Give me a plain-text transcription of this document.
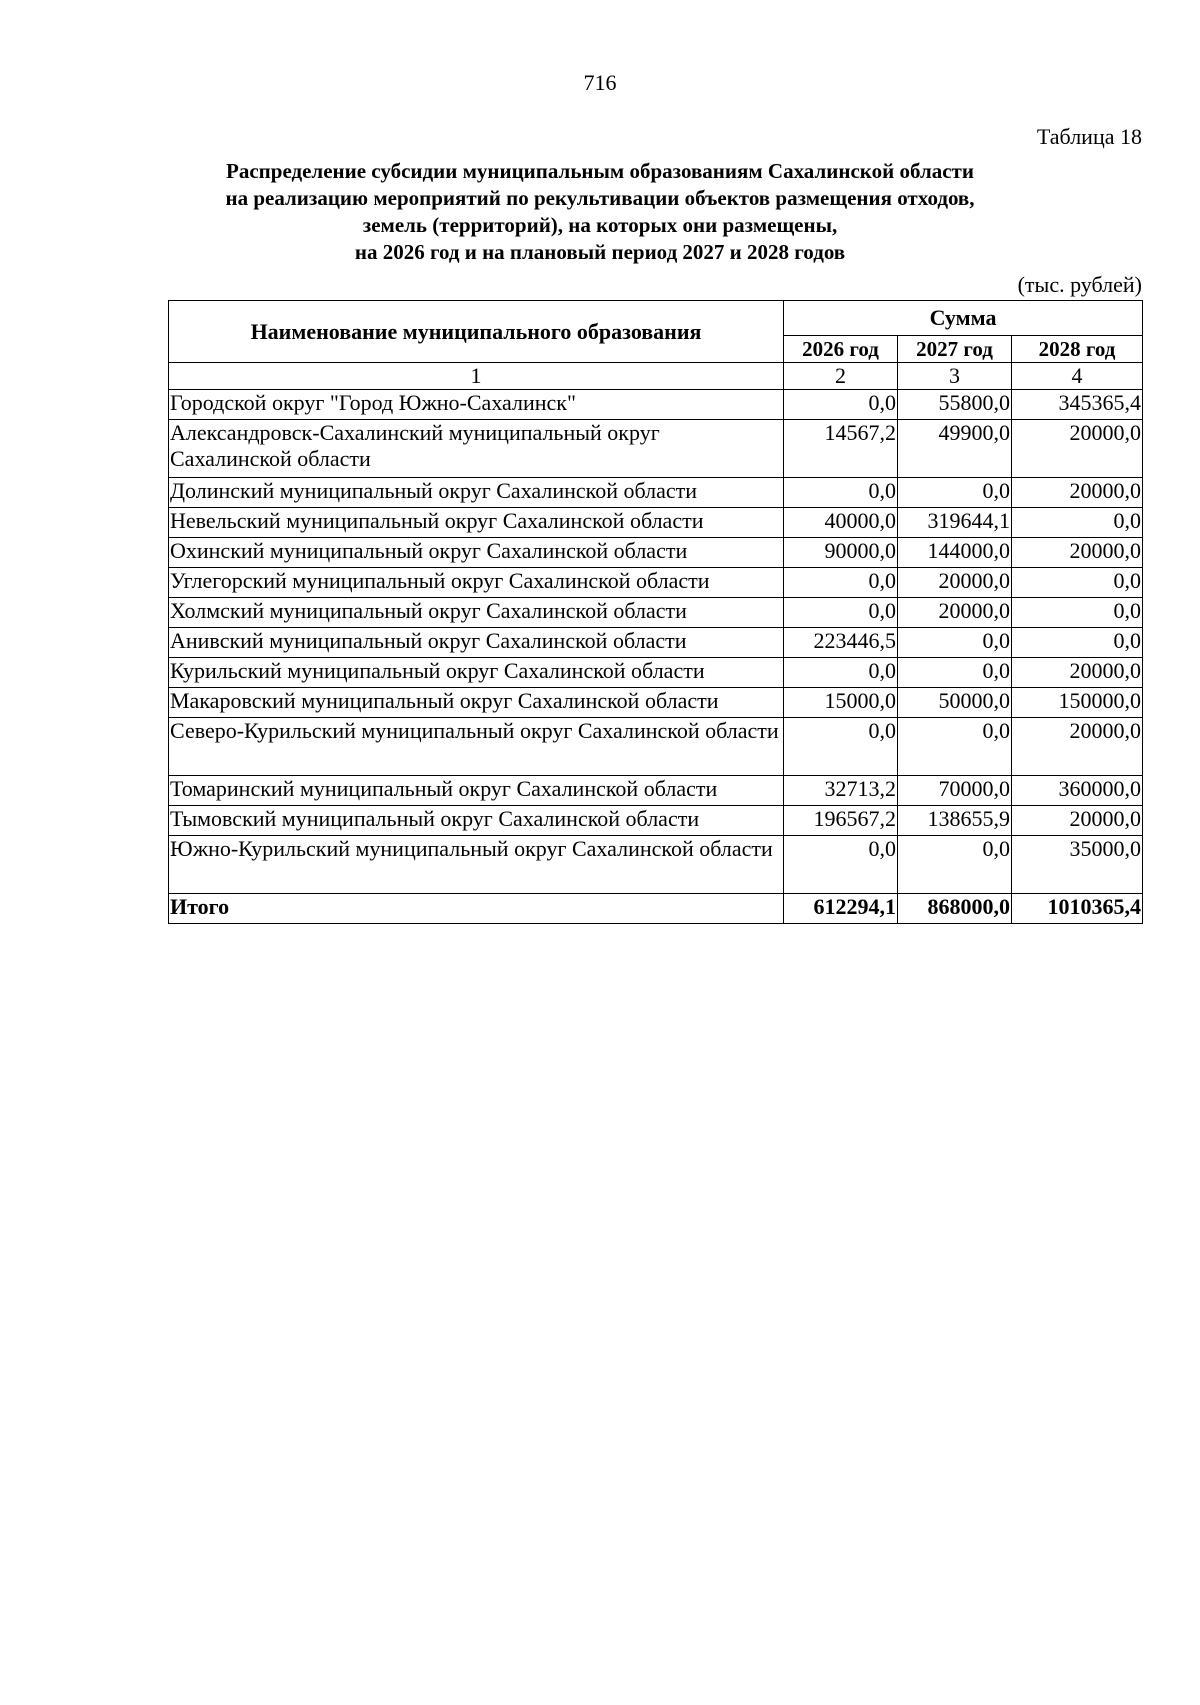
716
Таблица 18
Распределение субсидии муниципальным образованиям Сахалинской области
на реализацию мероприятий по рекультивации объектов размещения отходов,
земель (территорий), на которых они размещены,
на 2026 год и на плановый период 2027 и 2028 годов
(тыс. рублей)
Наименование муниципального образования	Сумма		
	2026 год	2027 год	2028 год
1	2	3	4
Городской округ "Город Южно-Сахалинск"	0,0	55800,0	345365,4
Александровск-Сахалинский муниципальный округ Сахалинской области	14567,2	49900,0	20000,0
Долинский муниципальный округ Сахалинской области	0,0	0,0	20000,0
Невельский муниципальный округ Сахалинской области	40000,0	319644,1	0,0
Охинский муниципальный округ Сахалинской области	90000,0	144000,0	20000,0
Углегорский муниципальный округ Сахалинской области	0,0	20000,0	0,0
Холмский муниципальный округ Сахалинской области	0,0	20000,0	0,0
Анивский муниципальный округ Сахалинской области	223446,5	0,0	0,0
Курильский муниципальный округ Сахалинской области	0,0	0,0	20000,0
Макаровский муниципальный округ Сахалинской области	15000,0	50000,0	150000,0
Северо-Курильский муниципальный округ Сахалинской области	0,0	0,0	20000,0
Томаринский муниципальный округ Сахалинской области	32713,2	70000,0	360000,0
Тымовский муниципальный округ Сахалинской области	196567,2	138655,9	20000,0
Южно-Курильский муниципальный округ Сахалинской области	0,0	0,0	35000,0
Итого	612294,1	868000,0	1010365,4
